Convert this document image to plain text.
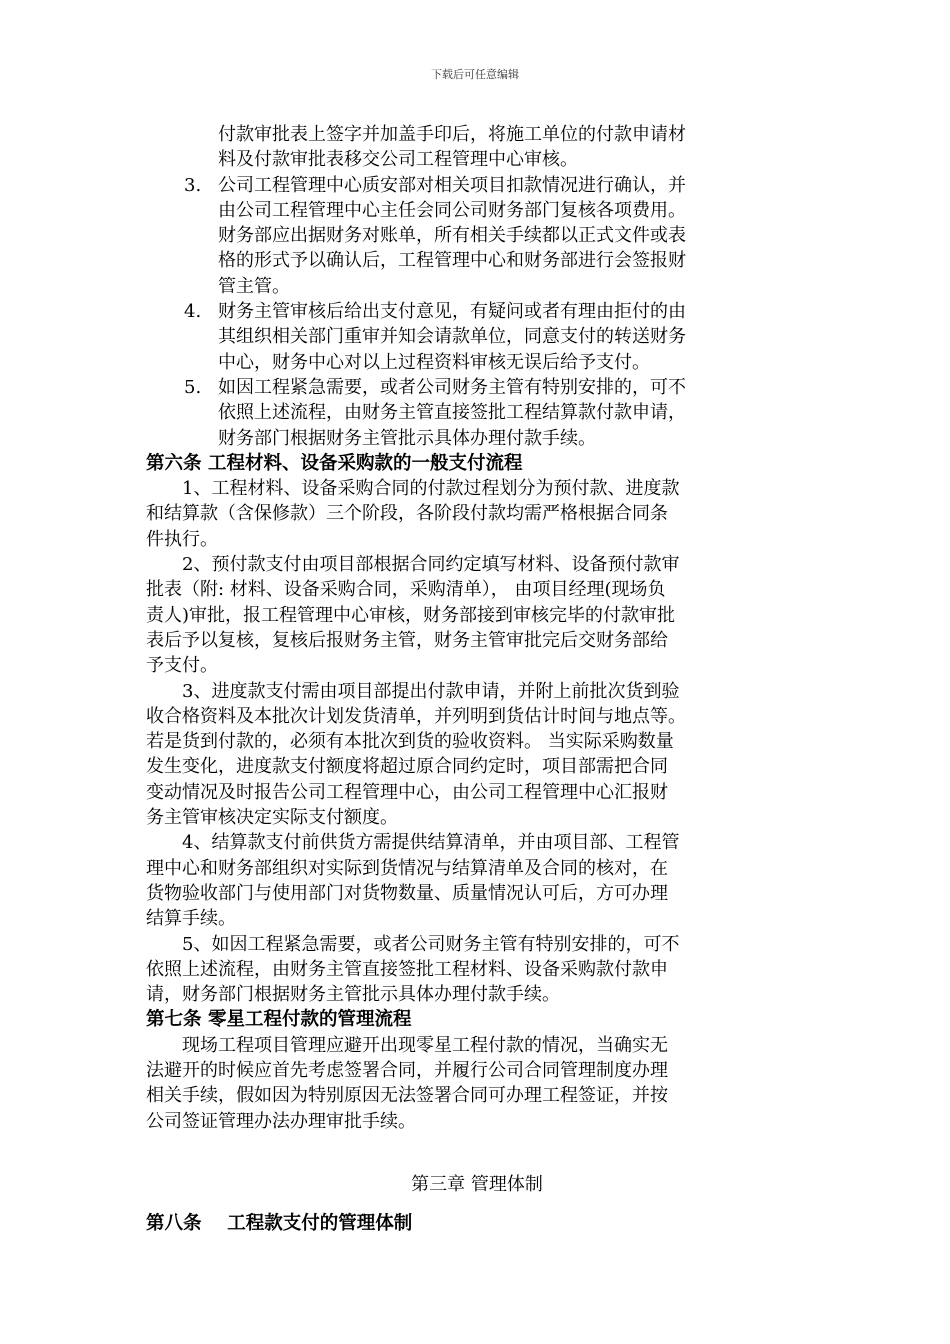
下载后可任意编辑
付款审批表上签字并加盖手印后，将施工单位的付款申请材
料及付款审批表移交公司工程管理中心审核。
3. 公司工程管理中心质安部对相关项目扣款情况进行确认，并
由公司工程管理中心主任会同公司财务部门复核各项费用。
财务部应出据财务对账单，所有相关手续都以正式文件或表
格的形式予以确认后，工程管理中心和财务部进行会签报财
管主管。
4. 财务主管审核后给出支付意见，有疑问或者有理由拒付的由
其组织相关部门重审并知会请款单位，同意支付的转送财务
中心，财务中心对以上过程资料审核无误后给予支付。
5. 如因工程紧急需要，或者公司财务主管有特别安排的，可不
依照上述流程，由财务主管直接签批工程结算款付款申请，
财务部门根据财务主管批示具体办理付款手续。
第六条 工程材料、设备采购款的一般支付流程
1、工程材料、设备采购合同的付款过程划分为预付款、进度款
和结算款（含保修款）三个阶段，各阶段付款均需严格根据合同条
件执行。
2、预付款支付由项目部根据合同约定填写材料、设备预付款审
批表（附: 材料、设备采购合同，采购清单）， 由项目经理(现场负
责人)审批，报工程管理中心审核，财务部接到审核完毕的付款审批
表后予以复核，复核后报财务主管，财务主管审批完后交财务部给
予支付。
3、进度款支付需由项目部提出付款申请，并附上前批次货到验
收合格资料及本批次计划发货清单，并列明到货估计时间与地点等。
若是货到付款的，必须有本批次到货的验收资料。 当实际采购数量
发生变化，进度款支付额度将超过原合同约定时，项目部需把合同
变动情况及时报告公司工程管理中心，由公司工程管理中心汇报财
务主管审核决定实际支付额度。
4、结算款支付前供货方需提供结算清单，并由项目部、工程管
理中心和财务部组织对实际到货情况与结算清单及合同的核对，在
货物验收部门与使用部门对货物数量、质量情况认可后，方可办理
结算手续。
5、如因工程紧急需要，或者公司财务主管有特别安排的，可不
依照上述流程，由财务主管直接签批工程材料、设备采购款付款申
请，财务部门根据财务主管批示具体办理付款手续。
第七条 零星工程付款的管理流程
现场工程项目管理应避开出现零星工程付款的情况，当确实无
法避开的时候应首先考虑签署合同，并履行公司合同管理制度办理
相关手续，假如因为特别原因无法签署合同可办理工程签证，并按
公司签证管理办法办理审批手续。
第三章 管理体制
第八条    工程款支付的管理体制
